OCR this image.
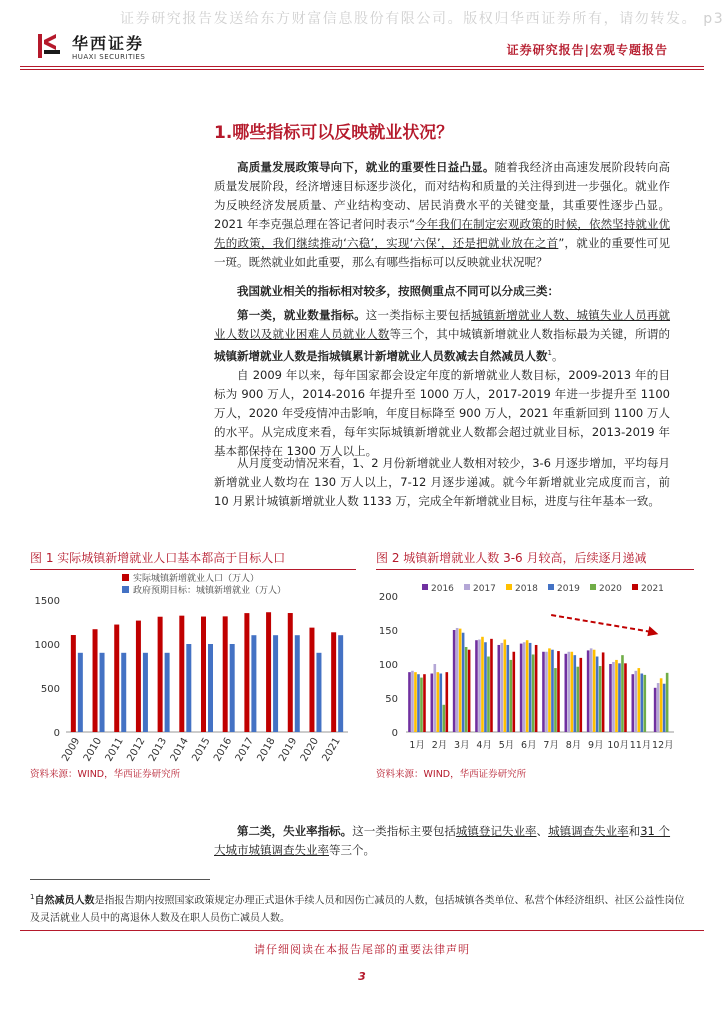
证券研究报告发送给东方财富信息股份有限公司。版权归华西证券所有，请勿转发。 p3
华西证券
HUAXI SECURITIES	证券研究报告|宏观专题报告
1.哪些指标可以反映就业状况？
高质量发展政策导向下，就业的重要性日益凸显。随着我经济由高速发展阶段转向高质量发展阶段，经济增速目标逐步淡化，而对结构和质量的关注得到进一步强化。就业作为反映经济发展质量、产业结构变动、居民消费水平的关键变量，其重要性逐步凸显。2021 年李克强总理在答记者问时表示“今年我们在制定宏观政策的时候，依然坚持就业优先的政策，我们继续推动‘六稳’，实现‘六保’，还是把就业放在之首”，就业的重要性可见一斑。既然就业如此重要，那么有哪些指标可以反映就业状况呢？
我国就业相关的指标相对较多，按照侧重点不同可以分成三类：
第一类，就业数量指标。这一类指标主要包括城镇新增就业人数、城镇失业人员再就业人数以及就业困难人员就业人数等三个，其中城镇新增就业人数指标最为关键，所谓的城镇新增就业人数是指城镇累计新增就业人员数减去自然减员人数$^1$。
自 2009 年以来，每年国家都会设定年度的新增就业人数目标，2009-2013 年的目标为 900 万人，2014-2016 年提升至 1000 万人，2017-2019 年进一步提升至 1100 万人，2020 年受疫情冲击影响，年度目标降至 900 万人，2021 年重新回到 1100 万人的水平。从完成度来看，每年实际城镇新增就业人数都会超过就业目标，2013-2019 年基本都保持在 1300 万人以上。
从月度变动情况来看，1、2 月份新增就业人数相对较少，3-6 月逐步增加，平均每月新增就业人数均在 130 万人以上，7-12 月逐步递减。就今年新增就业完成度而言，前 10 月累计城镇新增就业人数 1133 万，完成全年新增就业目标，进度与往年基本一致。
图 1 实际城镇新增就业人口基本都高于目标人口	图 2 城镇新增就业人数 3-6 月较高，后续逐月递减
0
500
1000
1500
2009 2010 2011 2012 2013 2014 2015 2016 2017 2018 2019 2020 2021
实际城镇新增就业人口（万人）
政府预期目标：城镇新增就业（万人）
0
50
100
150
200
1月 2月 3月 4月 5月 6月 7月 8月 9月 10月 11月 12月
2016 2017 2018 2019 2020 2021
资料来源：WIND，华西证券研究所	资料来源：WIND，华西证券研究所
第二类，失业率指标。这一类指标主要包括城镇登记失业率、城镇调查失业率和31 个大城市城镇调查失业率等三个。
$^1$自然减员人数是指报告期内按照国家政策规定办理正式退休手续人员和因伤亡减员的人数，包括城镇各类单位、私营个体经济组织、社区公益性岗位及灵活就业人员中的离退休人数及在职人员伤亡减员人数。
请仔细阅读在本报告尾部的重要法律声明
3
